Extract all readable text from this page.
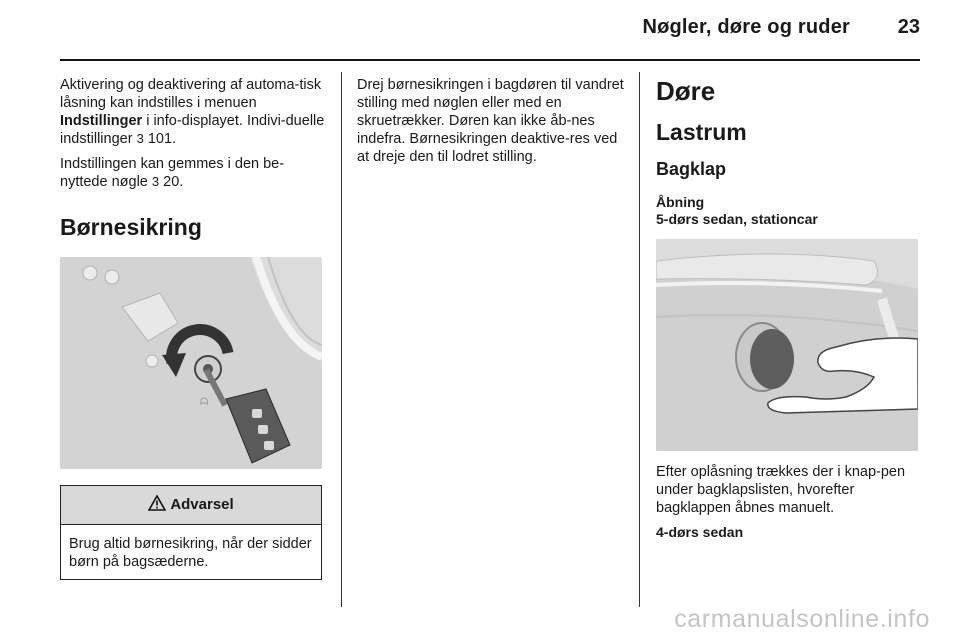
Nøgler, døre og ruder	23

Aktivering og deaktivering af automa-tisk låsning kan indstilles i menuen Indstillinger i info-displayet. Indivi-duelle indstillinger 3 101.

Indstillingen kan gemmes i den be-nyttede nøgle 3 20.

Børnesikring
ᗩ
Advarsel
Brug altid børnesikring, når der sidder børn på bagsæderne.

Drej børnesikringen i bagdøren til vandret stilling med nøglen eller med en skruetrækker. Døren kan ikke åb-nes indefra. Børnesikringen deaktive-res ved at dreje den til lodret stilling.

Døre
Lastrum
Bagklap
Åbning
5-dørs sedan, stationcar

Efter oplåsning trækkes der i knap-pen under bagklapslisten, hvorefter bagklappen åbnes manuelt.

4-dørs sedan
carmanualsonline.info
